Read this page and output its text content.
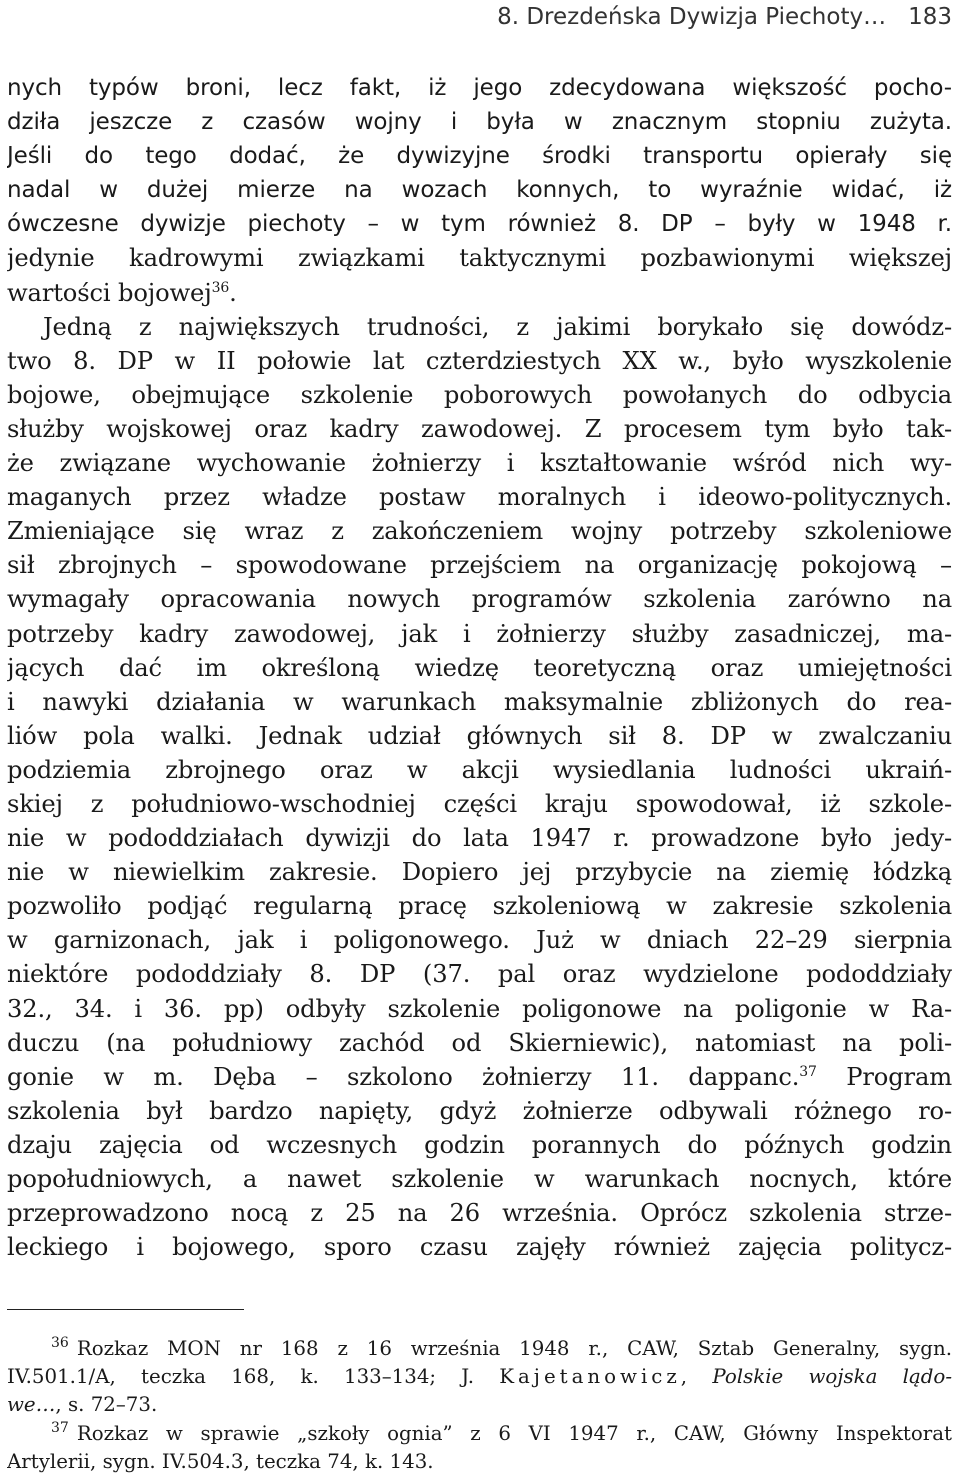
8. Drezdeńska Dywizja Piechoty… 183
nych typów broni, lecz fakt, iż jego zdecydowana większość pocho-
dziła jeszcze z czasów wojny i była w znacznym stopniu zużyta.
Jeśli do tego dodać, że dywizyjne środki transportu opierały się
nadal w dużej mierze na wozach konnych, to wyraźnie widać, iż
ówczesne dywizje piechoty – w tym również 8. DP – były w 1948 r.
jedynie kadrowymi związkami taktycznymi pozbawionymi większej
wartości bojowej$^{36}$.
Jedną z największych trudności, z jakimi borykało się dowódz-
two 8. DP w II połowie lat czterdziestych XX w., było wyszkolenie
bojowe, obejmujące szkolenie poborowych powołanych do odbycia
służby wojskowej oraz kadry zawodowej. Z procesem tym było tak-
że związane wychowanie żołnierzy i kształtowanie wśród nich wy-
maganych przez władze postaw moralnych i ideowo-politycznych.
Zmieniające się wraz z zakończeniem wojny potrzeby szkoleniowe
sił zbrojnych – spowodowane przejściem na organizację pokojową –
wymagały opracowania nowych programów szkolenia zarówno na
potrzeby kadry zawodowej, jak i żołnierzy służby zasadniczej, ma-
jących dać im określoną wiedzę teoretyczną oraz umiejętności
i nawyki działania w warunkach maksymalnie zbliżonych do rea-
liów pola walki. Jednak udział głównych sił 8. DP w zwalczaniu
podziemia zbrojnego oraz w akcji wysiedlania ludności ukraiń-
skiej z południowo-wschodniej części kraju spowodował, iż szkole-
nie w pododdziałach dywizji do lata 1947 r. prowadzone było jedy-
nie w niewielkim zakresie. Dopiero jej przybycie na ziemię łódzką
pozwoliło podjąć regularną pracę szkoleniową w zakresie szkolenia
w garnizonach, jak i poligonowego. Już w dniach 22–29 sierpnia
niektóre pododdziały 8. DP (37. pal oraz wydzielone pododdziały
32., 34. i 36. pp) odbyły szkolenie poligonowe na poligonie w Ra-
duczu (na południowy zachód od Skierniewic), natomiast na poli-
gonie w m. Dęba – szkolono żołnierzy 11. dappanc.$^{37}$ Program
szkolenia był bardzo napięty, gdyż żołnierze odbywali różnego ro-
dzaju zajęcia od wczesnych godzin porannych do późnych godzin
popołudniowych, a nawet szkolenie w warunkach nocnych, które
przeprowadzono nocą z 25 na 26 września. Oprócz szkolenia strze-
leckiego i bojowego, sporo czasu zajęły również zajęcia politycz-
$^{36}$ Rozkaz MON nr 168 z 16 września 1948 r., CAW, Sztab Generalny, sygn.
IV.501.1/A, teczka 168, k. 133–134; J. Kajetanowicz, Polskie wojska lądo-
we…, s. 72–73.
$^{37}$ Rozkaz w sprawie „szkoły ognia” z 6 VI 1947 r., CAW, Główny Inspektorat
Artylerii, sygn. IV.504.3, teczka 74, k. 143.
